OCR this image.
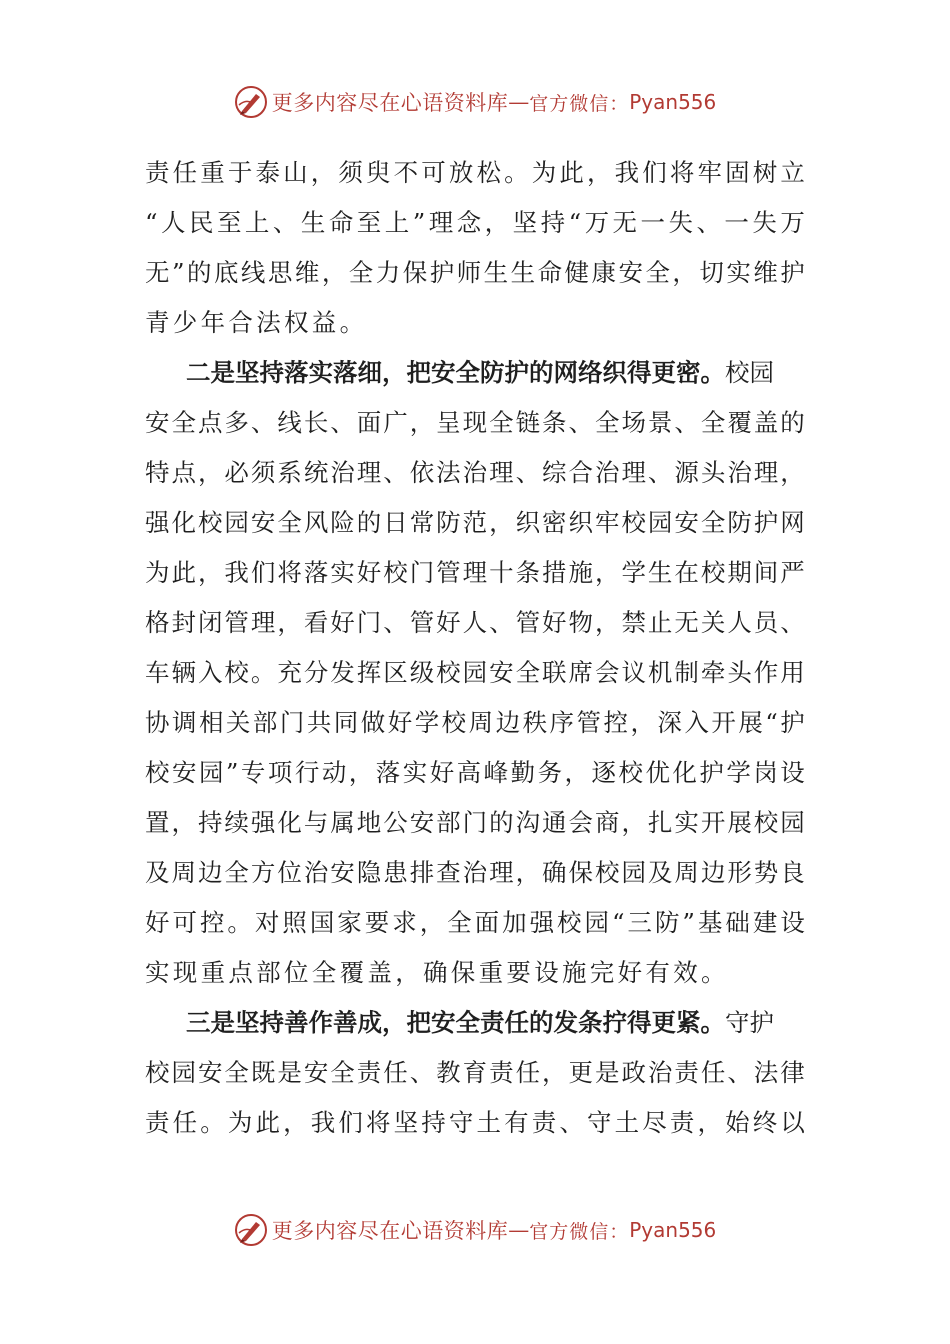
更多内容尽在心语资料库 — 官方微信： Pyan556
责 任 重 于 泰 山 ， 须 臾 不 可 放 松 。 为 此 ， 我 们 将 牢 固 树 立
“ 人 民 至 上 、 生 命 至 上 ” 理 念 ， 坚 持 “ 万 无 一 失 、 一 失 万
无 ” 的 底 线 思 维 ， 全 力 保 护 师 生 生 命 健 康 安 全 ， 切 实 维 护
青少年合法权益。
二是坚持落实落细，把安全防护的网络织得更密。校园
安 全 点 多 、 线 长 、 面 广 ， 呈 现 全 链 条 、 全 场 景 、 全 覆 盖 的
特 点 ， 必 须 系 统 治 理 、 依 法 治 理 、 综 合 治 理 、 源 头 治 理 ，
强 化 校 园 安 全 风 险 的 日 常 防 范 ， 织 密 织 牢 校 园 安 全 防 护 网
为 此 ， 我 们 将 落 实 好 校 门 管 理 十 条 措 施 ， 学 生 在 校 期 间 严
格 封 闭 管 理 ， 看 好 门 、 管 好 人 、 管 好 物 ， 禁 止 无 关 人 员 、
车 辆 入 校 。 充 分 发 挥 区 级 校 园 安 全 联 席 会 议 机 制 牵 头 作 用
协 调 相 关 部 门 共 同 做 好 学 校 周 边 秩 序 管 控 ， 深 入 开 展 “ 护
校 安 园 ” 专 项 行 动 ， 落 实 好 高 峰 勤 务 ， 逐 校 优 化 护 学 岗 设
置 ， 持 续 强 化 与 属 地 公 安 部 门 的 沟 通 会 商 ， 扎 实 开 展 校 园
及 周 边 全 方 位 治 安 隐 患 排 查 治 理 ， 确 保 校 园 及 周 边 形 势 良
好 可 控 。 对 照 国 家 要 求 ， 全 面 加 强 校 园 “ 三 防 ” 基 础 建 设
实现重点部位全覆盖，确保重要设施完好有效。
三是坚持善作善成，把安全责任的发条拧得更紧。守护
校 园 安 全 既 是 安 全 责 任 、 教 育 责 任 ， 更 是 政 治 责 任 、 法 律
责 任 。 为 此 ， 我 们 将 坚 持 守 土 有 责 、 守 土 尽 责 ， 始 终 以
更多内容尽在心语资料库 — 官方微信： Pyan556
